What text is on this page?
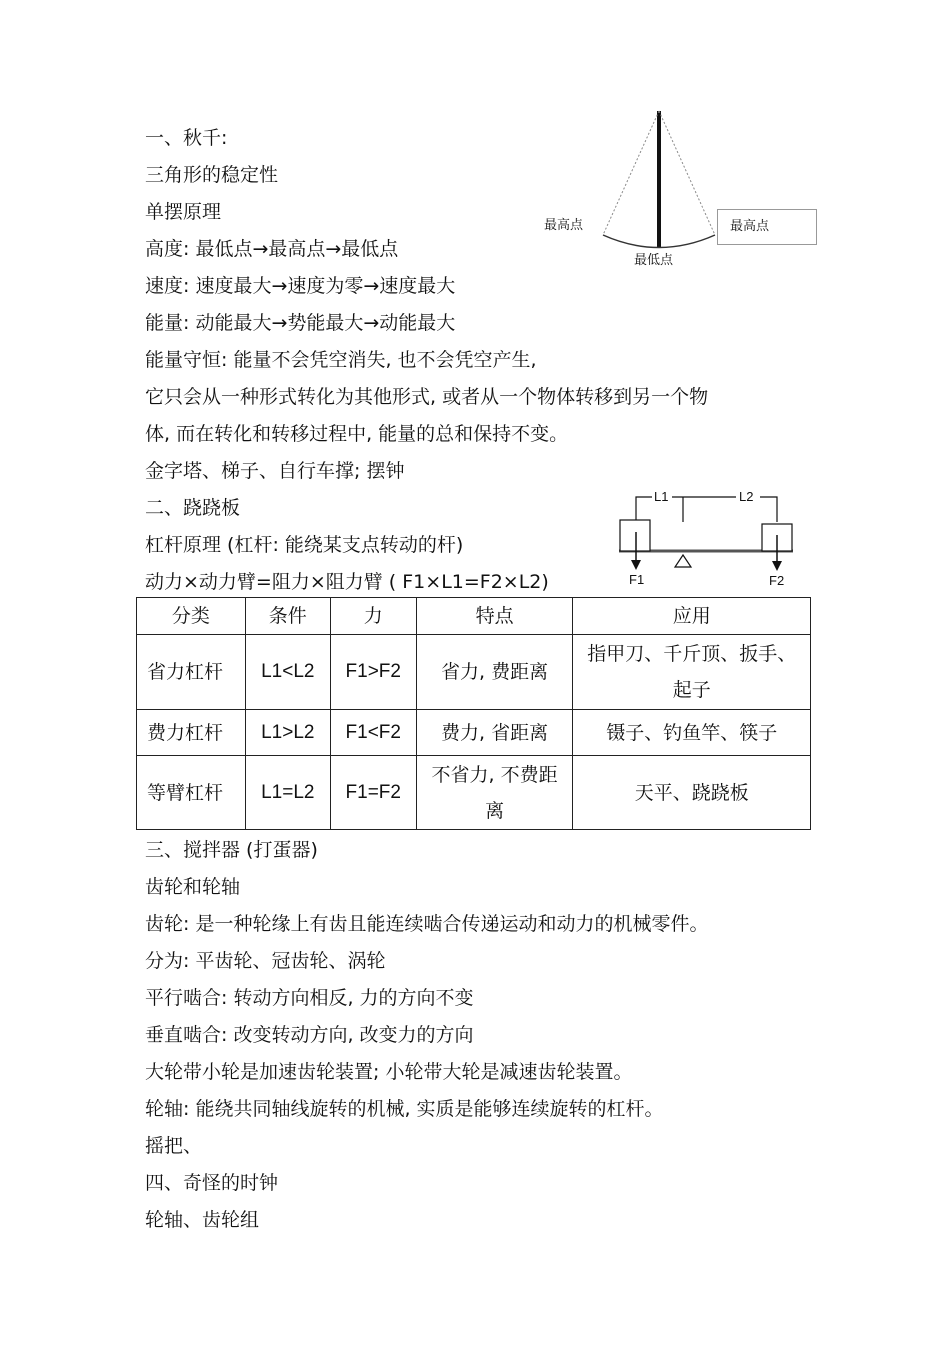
一、秋千:
三角形的稳定性
单摆原理
高度: 最低点→最高点→最低点
速度: 速度最大→速度为零→速度最大
能量: 动能最大→势能最大→动能最大
能量守恒: 能量不会凭空消失, 也不会凭空产生,
它只会从一种形式转化为其他形式, 或者从一个物体转移到另一个物
体, 而在转化和转移过程中, 能量的总和保持不变。
金字塔、梯子、自行车撑; 摆钟
最高点	最高点
最低点
二、跷跷板
杠杆原理 (杠杆: 能绕某支点转动的杆)
动力×动力臂=阻力×阻力臂 ( F1×L1=F2×L2)
L1	L2
F1	F2
分类	条件	力	特点	应用
省力杠杆	L1<L2	F1>F2	省力, 费距离	指甲刀、千斤顶、扳手、起子
费力杠杆	L1>L2	F1<F2	费力, 省距离	镊子、钓鱼竿、筷子
等臂杠杆	L1=L2	F1=F2	不省力, 不费距离	天平、跷跷板
三、搅拌器 (打蛋器)
齿轮和轮轴
齿轮: 是一种轮缘上有齿且能连续啮合传递运动和动力的机械零件。
分为: 平齿轮、冠齿轮、涡轮
平行啮合: 转动方向相反, 力的方向不变
垂直啮合: 改变转动方向, 改变力的方向
大轮带小轮是加速齿轮装置; 小轮带大轮是减速齿轮装置。
轮轴: 能绕共同轴线旋转的机械, 实质是能够连续旋转的杠杆。
摇把、
四、奇怪的时钟
轮轴、齿轮组
